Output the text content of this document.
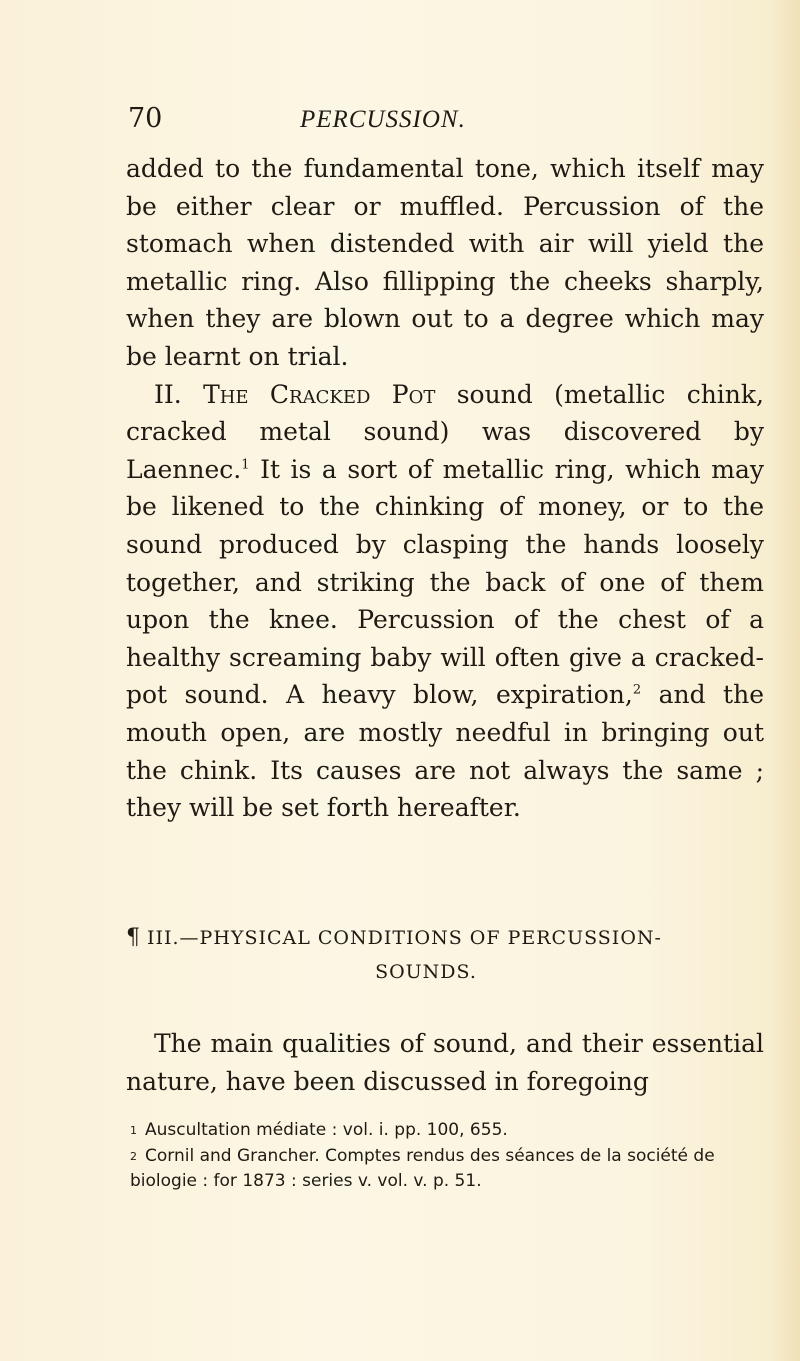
70	PERCUSSION.

added to the fundamental tone, which itself may be either clear or muffled. Percussion of the stomach when distended with air will yield the metallic ring. Also fillipping the cheeks sharply, when they are blown out to a degree which may be learnt on trial.

II. The Cracked Pot sound (metallic chink, cracked metal sound) was discovered by Laennec.$^1$ It is a sort of metallic ring, which may be likened to the chinking of money, or to the sound produced by clasping the hands loosely together, and striking the back of one of them upon the knee. Percussion of the chest of a healthy screaming baby will often give a cracked-pot sound. A heavy blow, expiration,$^2$ and the mouth open, are mostly needful in bringing out the chink. Its causes are not always the same ; they will be set forth hereafter.

¶ III.—PHYSICAL CONDITIONS OF PERCUSSION-
SOUNDS.

The main qualities of sound, and their essential nature, have been discussed in foregoing

$^1$ Auscultation médiate : vol. i. pp. 100, 655.

$^2$ Cornil and Grancher. Comptes rendus des séances de la société de biologie : for 1873 : series v. vol. v. p. 51.
